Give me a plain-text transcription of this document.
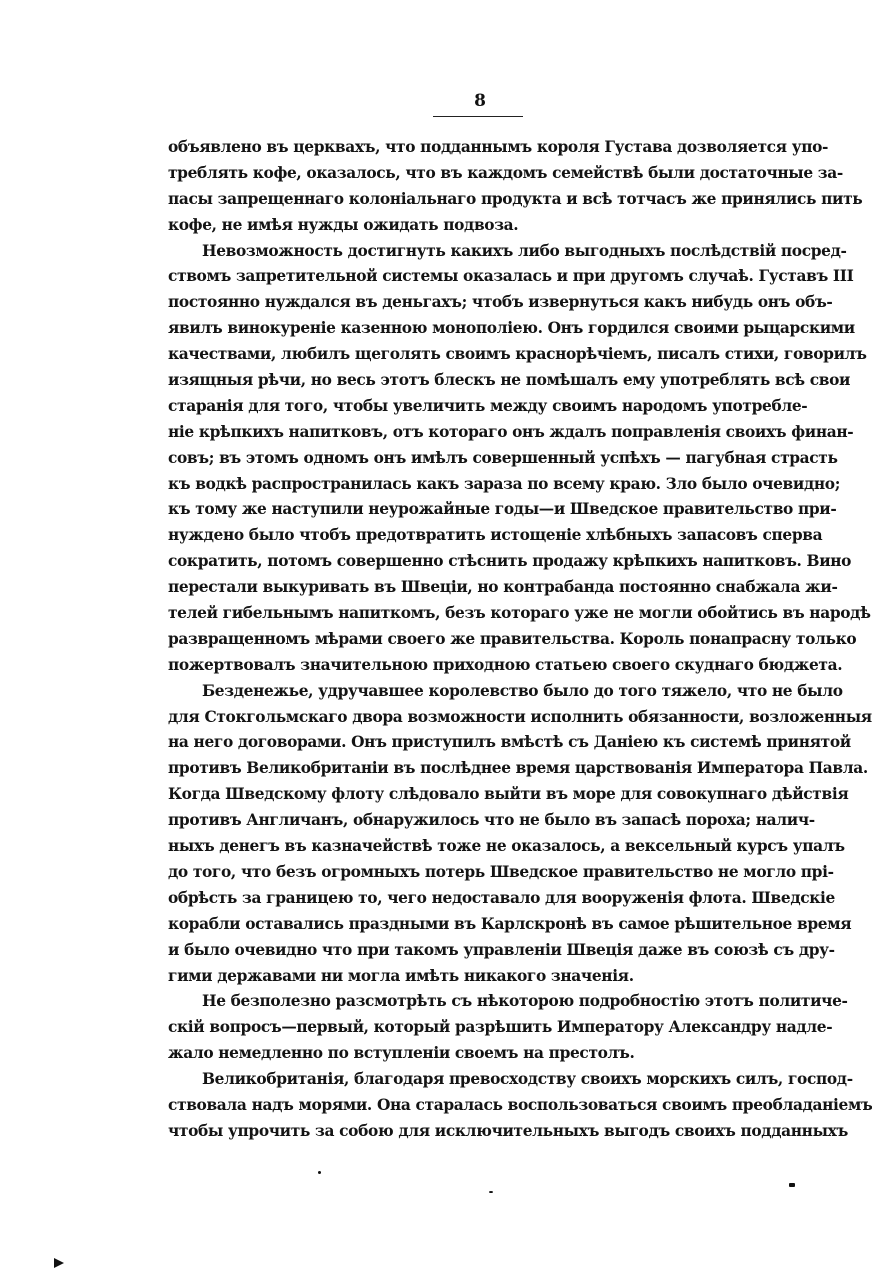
8
объявлено въ церквахъ, что подданнымъ короля Густава дозволяется упо-
треблять кофе, оказалось, что въ каждомъ семействѣ были достаточные за-
пасы запрещеннаго колоніальнаго продукта и всѣ тотчасъ же принялись пить
кофе, не имѣя нужды ожидать подвоза.
Невозможность достигнуть какихъ либо выгодныхъ послѣдствій посред-
ствомъ запретительной системы оказалась и при другомъ случаѣ. Густавъ III
постоянно нуждался въ деньгахъ; чтобъ извернуться какъ нибудь онъ объ-
явилъ винокуреніе казенною монополіею. Онъ гордился своими рыцарскими
качествами, любилъ щеголять своимъ краснорѣчіемъ, писалъ стихи, говорилъ
изящныя рѣчи, но весь этотъ блескъ не помѣшалъ ему употреблять всѣ свои
старанія для того, чтобы увеличить между своимъ народомъ употребле-
ніе крѣпкихъ напитковъ, отъ котораго онъ ждалъ поправленія своихъ финан-
совъ; въ этомъ одномъ онъ имѣлъ совершенный успѣхъ — пагубная страсть
къ водкѣ распространилась какъ зараза по всему краю. Зло было очевидно;
къ тому же наступили неурожайные годы—и Шведское правительство при-
нуждено было чтобъ предотвратить истощеніе хлѣбныхъ запасовъ сперва
сократить, потомъ совершенно стѣснить продажу крѣпкихъ напитковъ. Вино
перестали выкуривать въ Швеціи, но контрабанда постоянно снабжала жи-
телей гибельнымъ напиткомъ, безъ котораго уже не могли обойтись въ народѣ
развращенномъ мѣрами своего же правительства. Король понапрасну только
пожертвовалъ значительною приходною статьею своего скуднаго бюджета.
Безденежье, удручавшее королевство было до того тяжело, что не было
для Стокгольмскаго двора возможности исполнить обязанности, возложенныя
на него договорами. Онъ приступилъ вмѣстѣ съ Даніею къ системѣ принятой
противъ Великобританіи въ послѣднее время царствованія Императора Павла.
Когда Шведскому флоту слѣдовало выйти въ море для совокупнаго дѣйствія
противъ Англичанъ, обнаружилось что не было въ запасѣ пороха; налич-
ныхъ денегъ въ казначействѣ тоже не оказалось, а вексельный курсъ упалъ
до того, что безъ огромныхъ потерь Шведское правительство не могло прі-
обрѣсть за границею то, чего недоставало для вооруженія флота. Шведскіе
корабли оставались праздными въ Карлскронѣ въ самое рѣшительное время
и было очевидно что при такомъ управленіи Швеція даже въ союзѣ съ дру-
гими державами ни могла имѣть никакого значенія.
Не безполезно разсмотрѣть съ нѣкоторою подробностію этотъ политиче-
скій вопросъ—первый, который разрѣшить Императору Александру надле-
жало немедленно по вступленіи своемъ на престолъ.
Великобританія, благодаря превосходству своихъ морскихъ силъ, господ-
ствовала надъ морями. Она старалась воспользоваться своимъ преобладаніемъ
чтобы упрочить за собою для исключительныхъ выгодъ своихъ подданныхъ
